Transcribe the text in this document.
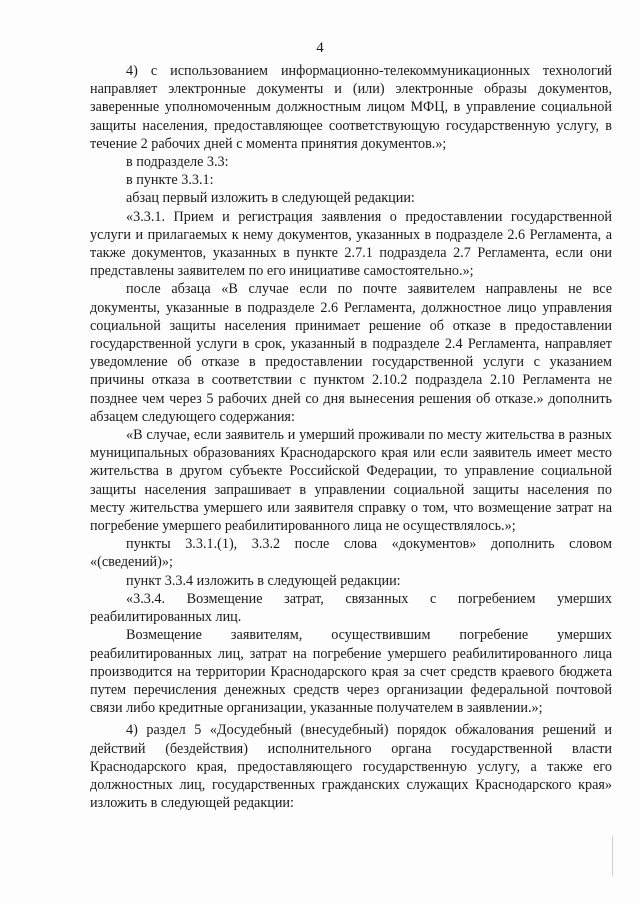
4

4) с использованием информационно-телекоммуникационных технологий направляет электронные документы и (или) электронные образы документов, заверенные уполномоченным должностным лицом МФЦ, в управление социальной защиты населения, предоставляющее соответствующую государственную услугу, в течение 2 рабочих дней с момента принятия документов.»;

в подразделе 3.3:

в пункте 3.3.1:

абзац первый изложить в следующей редакции:

«3.3.1. Прием и регистрация заявления о предоставлении государственной услуги и прилагаемых к нему документов, указанных в подразделе 2.6 Регламента, а также документов, указанных в пункте 2.7.1 подраздела 2.7 Регламента, если они представлены заявителем по его инициативе самостоятельно.»;

после абзаца «В случае если по почте заявителем направлены не все документы, указанные в подразделе 2.6 Регламента, должностное лицо управления социальной защиты населения принимает решение об отказе в предоставлении государственной услуги в срок, указанный в подразделе 2.4 Регламента, направляет уведомление об отказе в предоставлении государственной услуги с указанием причины отказа в соответствии с пунктом 2.10.2 подраздела 2.10 Регламента не позднее чем через 5 рабочих дней со дня вынесения решения об отказе.» дополнить абзацем следующего содержания:

«В случае, если заявитель и умерший проживали по месту жительства в разных муниципальных образованиях Краснодарского края или если заявитель имеет место жительства в другом субъекте Российской Федерации, то управление социальной защиты населения запрашивает в управлении социальной защиты населения по месту жительства умершего или заявителя справку о том, что возмещение затрат на погребение умершего реабилитированного лица не осуществлялось.»;

пункты 3.3.1.(1), 3.3.2 после слова «документов» дополнить словом «(сведений)»;

пункт 3.3.4 изложить в следующей редакции:

«3.3.4. Возмещение затрат, связанных с погребением умерших реабилитированных лиц.

Возмещение заявителям, осуществившим погребение умерших реабилитированных лиц, затрат на погребение умершего реабилитированного лица производится на территории Краснодарского края за счет средств краевого бюджета путем перечисления денежных средств через организации федеральной почтовой связи либо кредитные организации, указанные получателем в заявлении.»;

4) раздел 5 «Досудебный (внесудебный) порядок обжалования решений и действий (бездействия) исполнительного органа государственной власти Краснодарского края, предоставляющего государственную услугу, а также его должностных лиц, государственных гражданских служащих Краснодарского края» изложить в следующей редакции:
